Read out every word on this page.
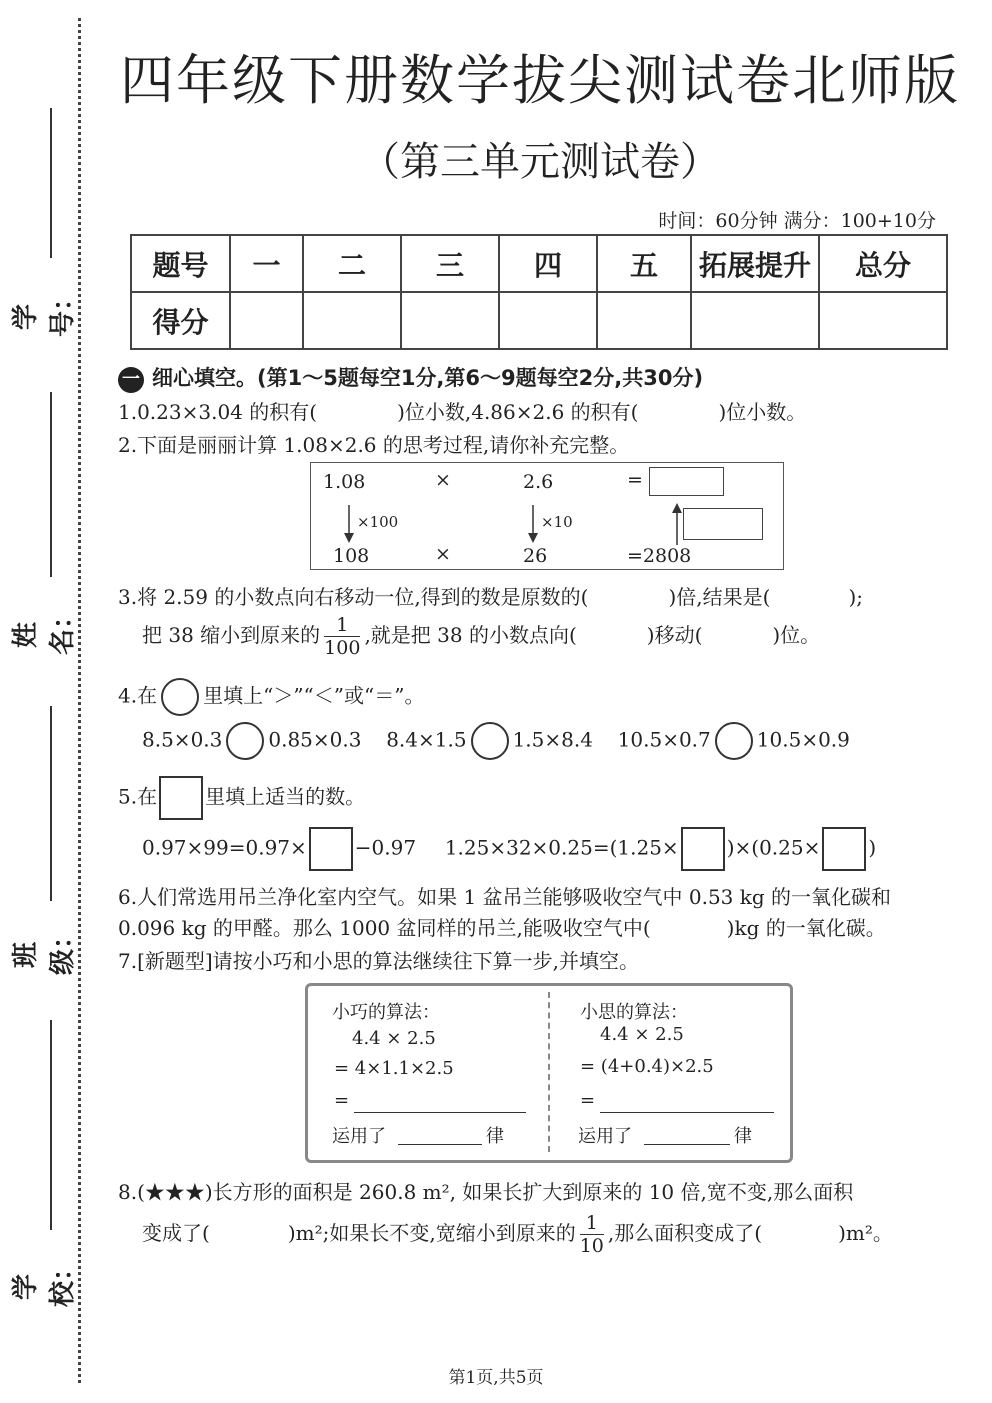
学号：
姓名：
班级：
学校：
四年级下册数学拔尖测试卷北师版
（第三单元测试卷）
时间：60分钟 满分：100+10分
题号	一	二	三	四	五	拓展提升	总分
得分							
一 细心填空。(第1～5题每空1分,第6～9题每空2分,共30分)
1.0.23×3.04 的积有(	)位小数,4.86×2.6 的积有(	)位小数。
2.下面是丽丽计算 1.08×2.6 的思考过程,请你补充完整。
1.08	×	2.6	=
×100	×10
108	×	26	=2808
3.将 2.59 的小数点向右移动一位,得到的数是原数的(	)倍,结果是(	);
把 38 缩小到原来的 $\frac{1}{100}$ ,就是把 38 的小数点向(	)移动(	)位。
4.在 里填上“＞”“＜”或“＝”。
8.5×0.3 0.85×0.3 8.4×1.5 1.5×8.4 10.5×0.7 10.5×0.9
5.在 里填上适当的数。
0.97×99=0.97× −0.97 1.25×32×0.25=(1.25× )×(0.25× )
6.人们常选用吊兰净化室内空气。如果 1 盆吊兰能够吸收空气中 0.53 kg 的一氧化碳和
0.096 kg 的甲醛。那么 1000 盆同样的吊兰,能吸收空气中(	)kg 的一氧化碳。
7.[新题型]请按小巧和小思的算法继续往下算一步,并填空。
小巧的算法：
4.4 × 2.5
= 4×1.1×2.5
=
运用了	律
小思的算法：
4.4 × 2.5
= (4+0.4)×2.5
=
运用了	律
8.(★★★)长方形的面积是 260.8 m², 如果长扩大到原来的 10 倍,宽不变,那么面积
变成了(	)m²;如果长不变,宽缩小到原来的 $\frac{1}{10}$ ,那么面积变成了(	)m²。
第1页,共5页
